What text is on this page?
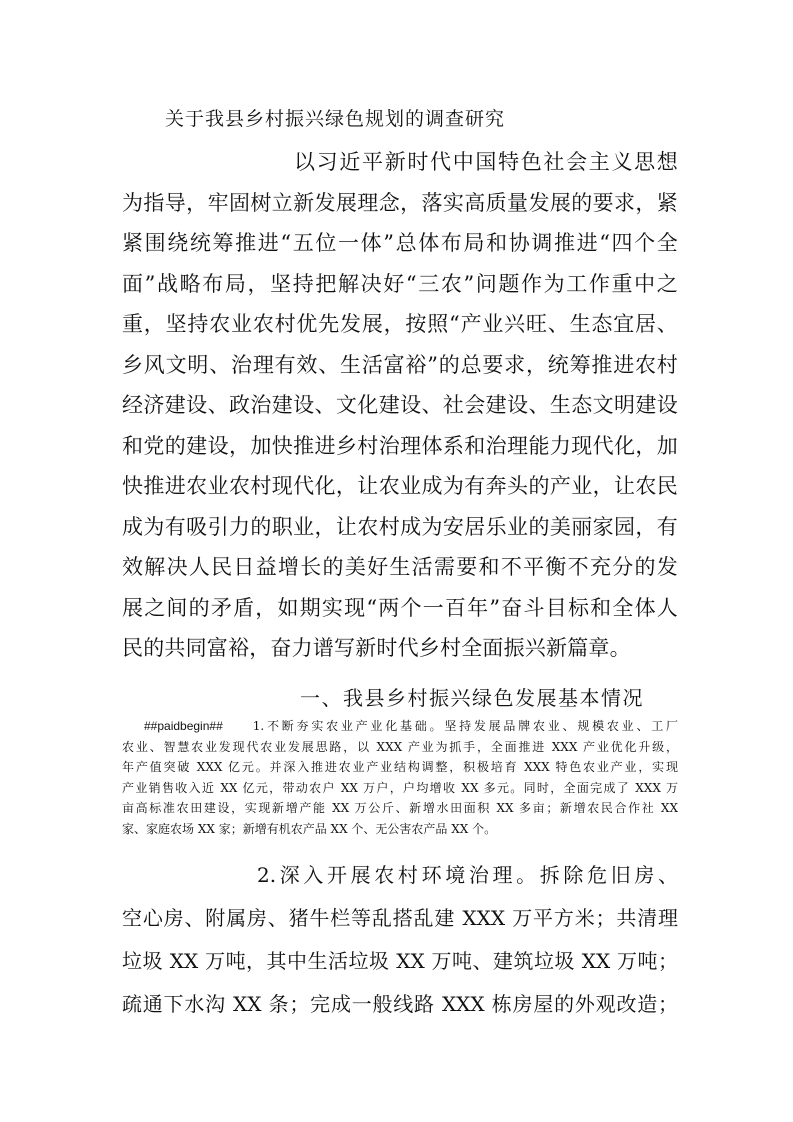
关于我县乡村振兴绿色规划的调查研究
以习近平新时代中国特色社会主义思想
为指导，牢固树立新发展理念，落实高质量发展的要求，紧
紧围绕统筹推进“五位一体”总体布局和协调推进“四个全
面”战略布局，坚持把解决好“三农”问题作为工作重中之
重，坚持农业农村优先发展，按照“产业兴旺、生态宜居、
乡风文明、治理有效、生活富裕”的总要求，统筹推进农村
经济建设、政治建设、文化建设、社会建设、生态文明建设
和党的建设，加快推进乡村治理体系和治理能力现代化，加
快推进农业农村现代化，让农业成为有奔头的产业，让农民
成为有吸引力的职业，让农村成为安居乐业的美丽家园，有
效解决人民日益增长的美好生活需要和不平衡不充分的发
展之间的矛盾，如期实现“两个一百年”奋斗目标和全体人
民的共同富裕，奋力谱写新时代乡村全面振兴新篇章。
一、我县乡村振兴绿色发展基本情况
##paidbegin##	1.不断夯实农业产业化基础。坚持发展品牌农业、规模农业、工厂
农业、智慧农业发现代农业发展思路，以 XXX 产业为抓手，全面推进 XXX 产业优化升级，
年产值突破 XXX 亿元。并深入推进农业产业结构调整，积极培育 XXX 特色农业产业，实现
产业销售收入近 XX 亿元，带动农户 XX 万户，户均增收 XX 多元。同时，全面完成了 XXX 万
亩高标准农田建设，实现新增产能 XX 万公斤、新增水田面积 XX 多亩；新增农民合作社 XX
家、家庭农场 XX 家；新增有机农产品 XX 个、无公害农产品 XX 个。
2.深入开展农村环境治理。拆除危旧房、
空心房、附属房、猪牛栏等乱搭乱建 XXX 万平方米；共清理
垃圾 XX 万吨，其中生活垃圾 XX 万吨、建筑垃圾 XX 万吨；
疏通下水沟 XX 条；完成一般线路 XXX 栋房屋的外观改造；
